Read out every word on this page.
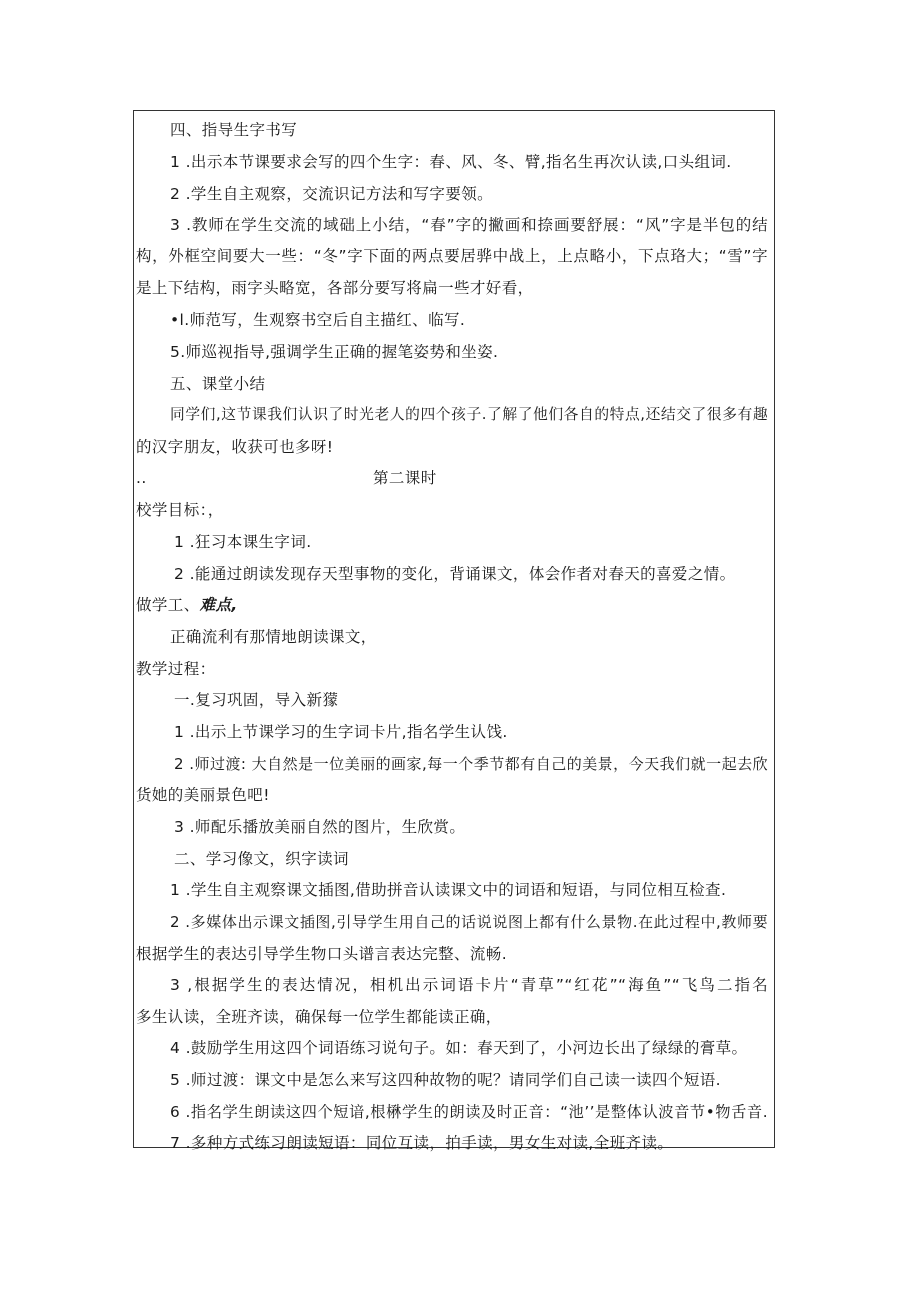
四、指导生字书写
1 .出示本节课要求会写的四个生字：春、风、冬、臂,指名生再次认读,口头组词.
2 .学生自主观察，交流识记方法和写字要领。
3 .教师在学生交流的域础上小结，“春”字的撇画和捺画要舒展：“风”字是半包的结
构，外框空间要大一些：“冬”字下面的两点要居骅中战上，上点略小，下点珞大；“雪”字
是上下结构，雨字头略宽，各部分要写将扁一些才好看，
•l.师范写，生观察书空后自主描红、临写.
5.师巡视指导,强调学生正确的握笔姿势和坐姿.
五、课堂小结
同学们,这节课我们认识了时光老人的四个孩子.了解了他们各自的特点,还结交了很多有趣
的汉字朋友，收获可也多呀!
..	第二课时
校学目标：，
1 .狂习本课生字词.
2 .能通过朗读发现存天型事物的变化，背诵课文，体会作者对春天的喜爱之情。
做学工、难点,
正确流利有那情地朗读课文，
教学过程：
一.复习巩固，导入新獴
1 .出示上节课学习的生字词卡片,指名学生认饯.
2 .师过渡: 大自然是一位美丽的画家,每一个季节都有自己的美景，今天我们就一起去欣
货她的美丽景色吧!
3 .师配乐播放美丽自然的图片，生欣赏。
二、学习像文，织字读词
1 .学生自主观察课文插图,借助拼音认读课文中的词语和短语，与同位相互检查.
2 .多媒体出示课文插图,引导学生用自己的话说说图上都有什么景物.在此过程中,教师要
根据学生的表达引导学生物口头谱言表达完整、流畅.
3 ,根据学生的表达情况，相机出示词语卡片“青草”“红花”“海鱼”“飞鸟二指名
多生认读，全班齐读，确保每一位学生都能读正确，
4 .鼓励学生用这四个词语练习说句子。如：春天到了，小河边长出了绿绿的膏草。
5 .师过渡：课文中是怎么来写这四种故物的呢？请同学们自己读一读四个短语.
6 .指名学生朗读这四个短谙,根楙学生的朗读及时正音：“池’’是整体认波音节•物舌音.
7 .多种方式练习朗读短语：同位互读，拍手读，男女生对读,全班齐读。
